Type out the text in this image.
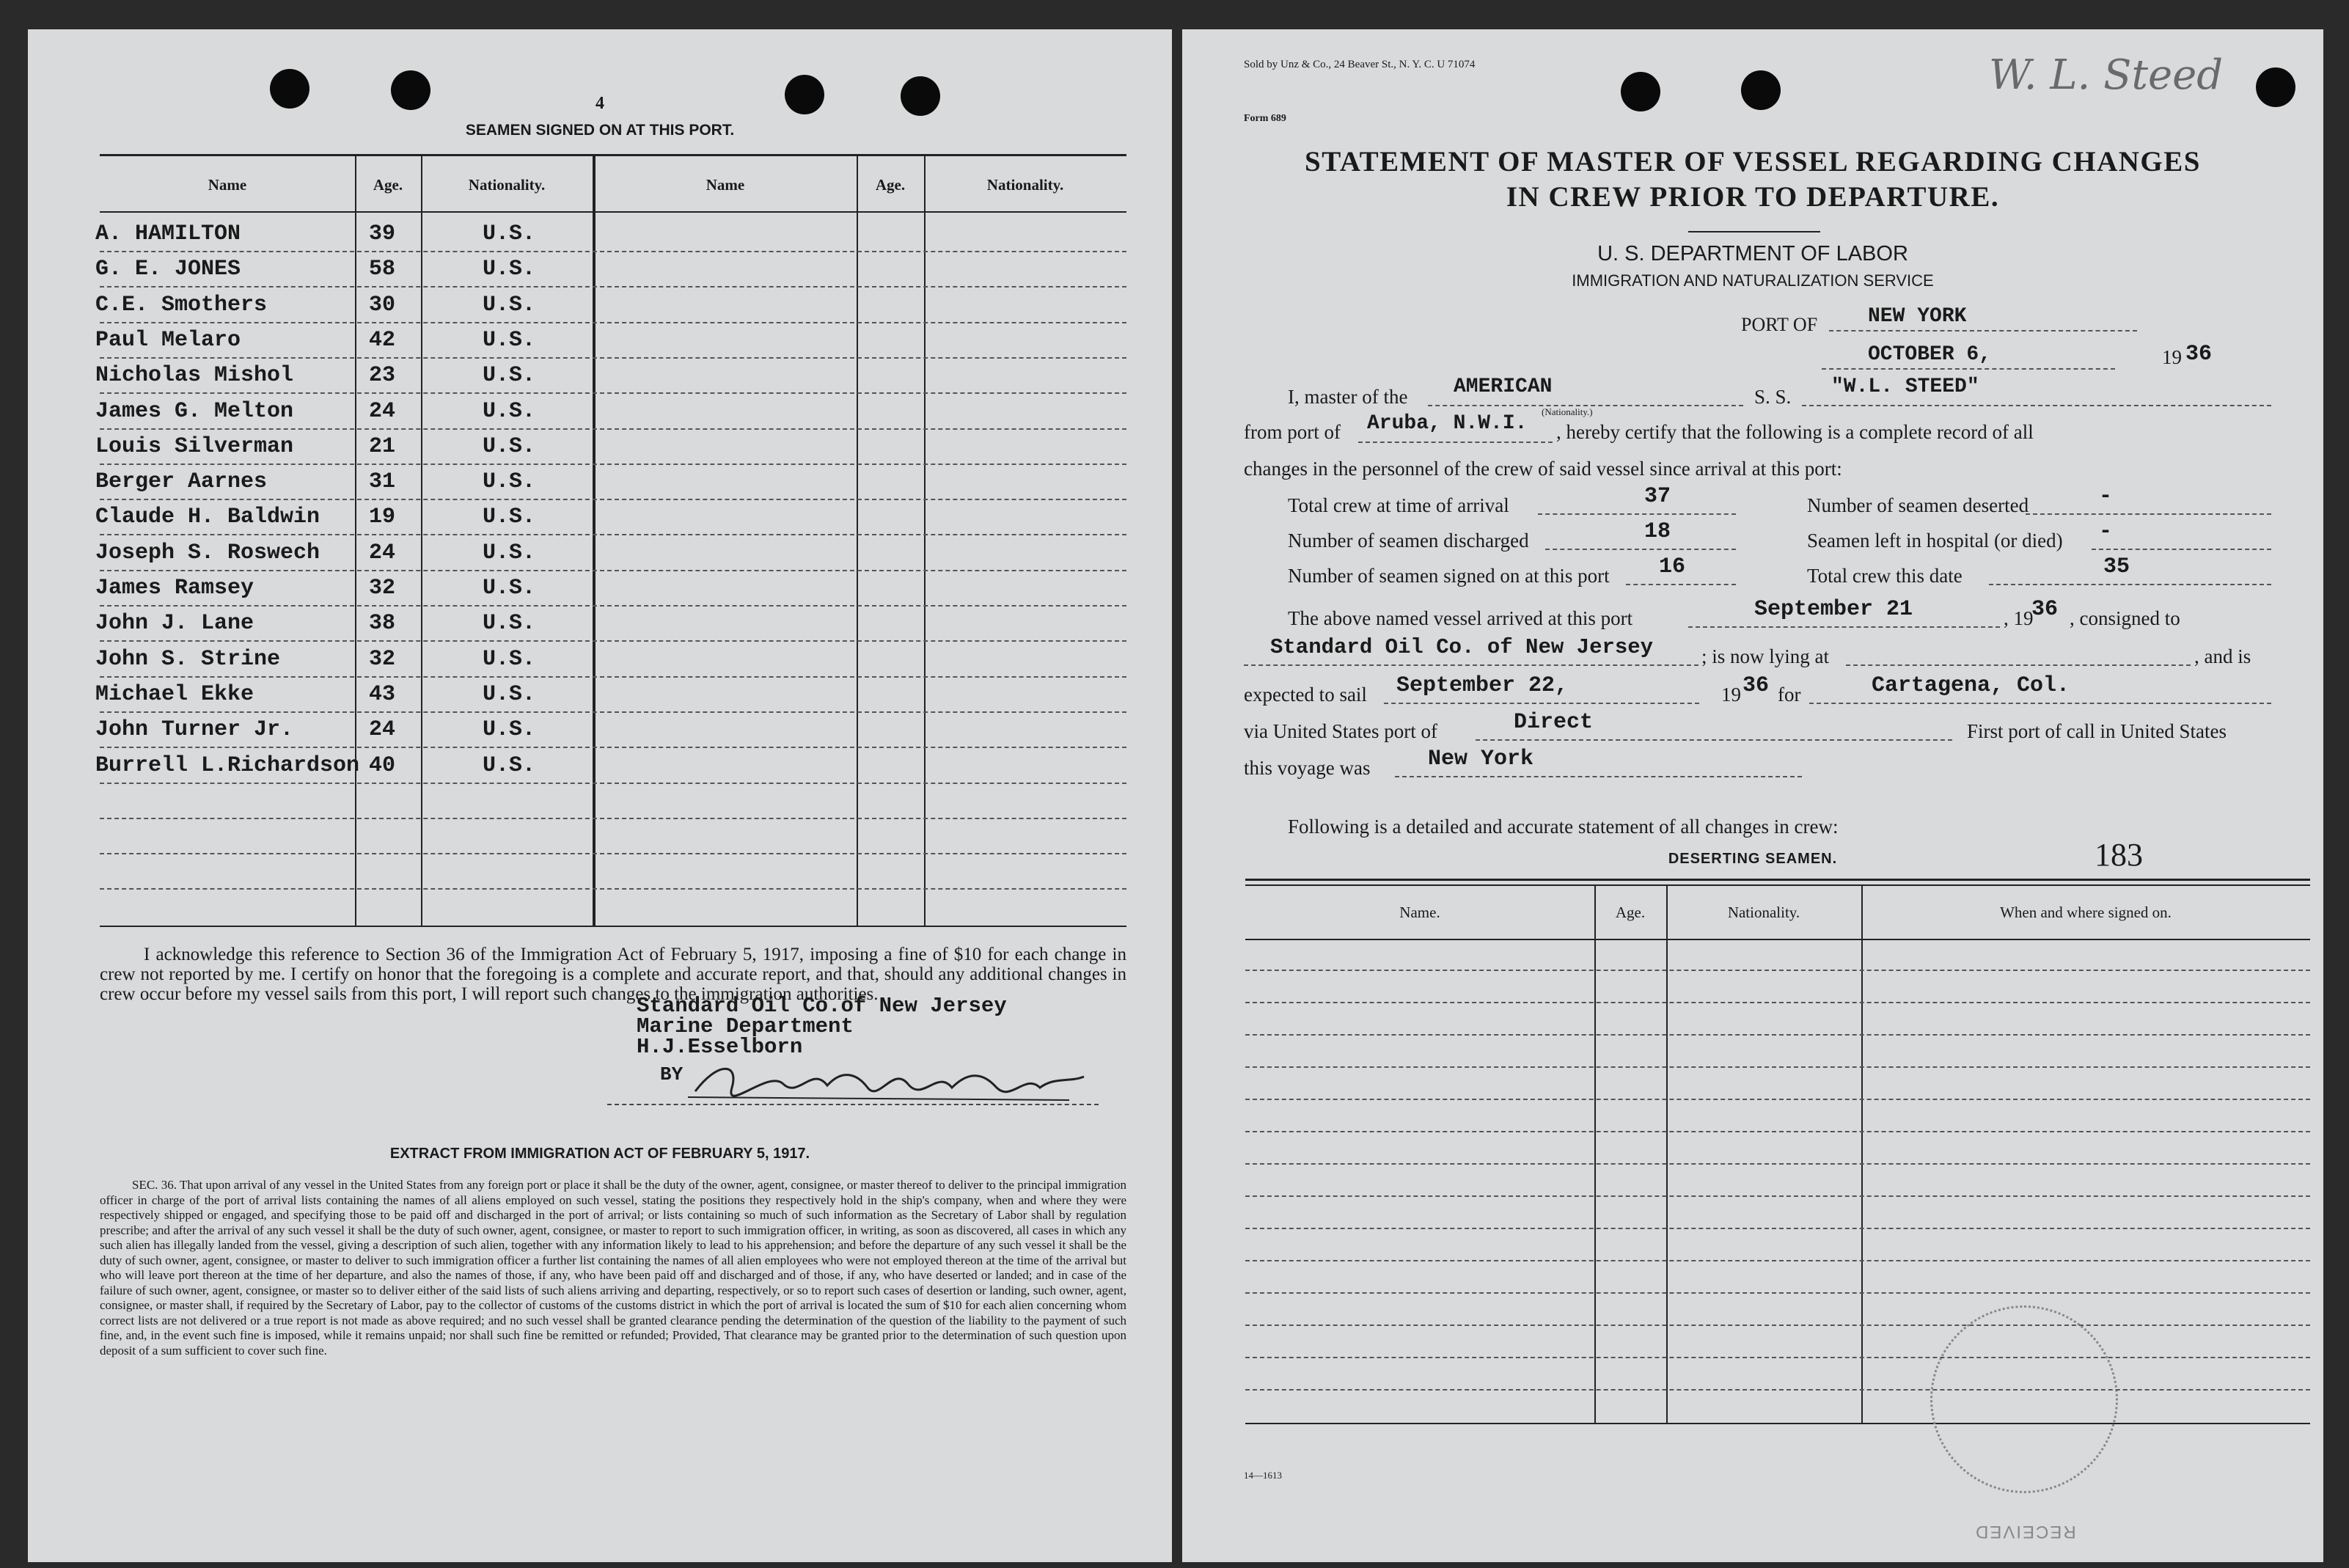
4
SEAMEN SIGNED ON AT THIS PORT.
Name	Age.	Nationality.	Name	Age.	Nationality.
I acknowledge this reference to Section 36 of the Immigration Act of February 5, 1917, imposing a fine of $10 for each change in crew not reported by me. I certify on honor that the foregoing is a complete and accurate report, and that, should any additional changes in crew occur before my vessel sails from this port, I will report such changes to the immigration authorities.
Standard Oil Co.of New Jersey
Marine Department
H.J.Esselborn
BY
EXTRACT FROM IMMIGRATION ACT OF FEBRUARY 5, 1917.
SEC. 36. That upon arrival of any vessel in the United States from any foreign port or place it shall be the duty of the owner, agent, consignee, or master thereof to deliver to the principal immigration officer in charge of the port of arrival lists containing the names of all aliens employed on such vessel, stating the positions they respectively hold in the ship's company, when and where they were respectively shipped or engaged, and specifying those to be paid off and discharged in the port of arrival; or lists containing so much of such information as the Secretary of Labor shall by regulation prescribe; and after the arrival of any such vessel it shall be the duty of such owner, agent, consignee, or master to report to such immigration officer, in writing, as soon as discovered, all cases in which any such alien has illegally landed from the vessel, giving a description of such alien, together with any information likely to lead to his apprehension; and before the departure of any such vessel it shall be the duty of such owner, agent, consignee, or master to deliver to such immigration officer a further list containing the names of all alien employees who were not employed thereon at the time of the arrival but who will leave port thereon at the time of her departure, and also the names of those, if any, who have been paid off and discharged and of those, if any, who have deserted or landed; and in case of the failure of such owner, agent, consignee, or master so to deliver either of the said lists of such aliens arriving and departing, respectively, or so to report such cases of desertion or landing, such owner, agent, consignee, or master shall, if required by the Secretary of Labor, pay to the collector of customs of the customs district in which the port of arrival is located the sum of $10 for each alien concerning whom correct lists are not delivered or a true report is not made as above required; and no such vessel shall be granted clearance pending the determination of the question of the liability to the payment of such fine, and, in the event such fine is imposed, while it remains unpaid; nor shall such fine be remitted or refunded; Provided, That clearance may be granted prior to the determination of such question upon deposit of a sum sufficient to cover such fine.
A. HAMILTON	39	U.S.
G. E. JONES	58	U.S.
C.E. Smothers	30	U.S.
Paul Melaro	42	U.S.
Nicholas Mishol	23	U.S.
James G. Melton	24	U.S.
Louis Silverman	21	U.S.
Berger Aarnes	31	U.S.
Claude H. Baldwin 19	U.S.
Joseph S. Roswech 24	U.S.
James Ramsey	32	U.S.
John J. Lane	38	U.S.
John S. Strine	32	U.S.
Michael Ekke	43	U.S.
John Turner Jr.	24	U.S.
Burrell L.Richardson 40	U.S.
Sold by Unz & Co., 24 Beaver St., N. Y. C. U 71074	W. L. Steed
Form 689
STATEMENT OF MASTER OF VESSEL REGARDING CHANGES
IN CREW PRIOR TO DEPARTURE.
U. S. DEPARTMENT OF LABOR
IMMIGRATION AND NATURALIZATION SERVICE
PORT OF NEW YORK
OCTOBER 6,	19 36
I, master of the AMERICAN
(Nationality.)
S. S. "W.L. STEED"
from port of Aruba, N.W.I. , hereby certify that the following is a complete record of all
changes in the personnel of the crew of said vessel since arrival at this port:
Total crew at time of arrival	37	Number of seamen deserted	-
Number of seamen discharged	18	Seamen left in hospital (or died) -
Number of seamen signed on at this port 16	Total crew this date	35
The above named vessel arrived at this port	September 21	, 19
36 , consigned to
Standard Oil Co. of New Jersey ; is now lying at	, and is
expected to sail September 22,	19 36 for	Cartagena, Col.
via United States port of	Direct	First port of call in United States
this voyage was	New York
Following is a detailed and accurate statement of all changes in crew:
DESERTING SEAMEN.	183
Name.	Age.	Nationality.	When and where signed on.
14—1613
RECEIVED
